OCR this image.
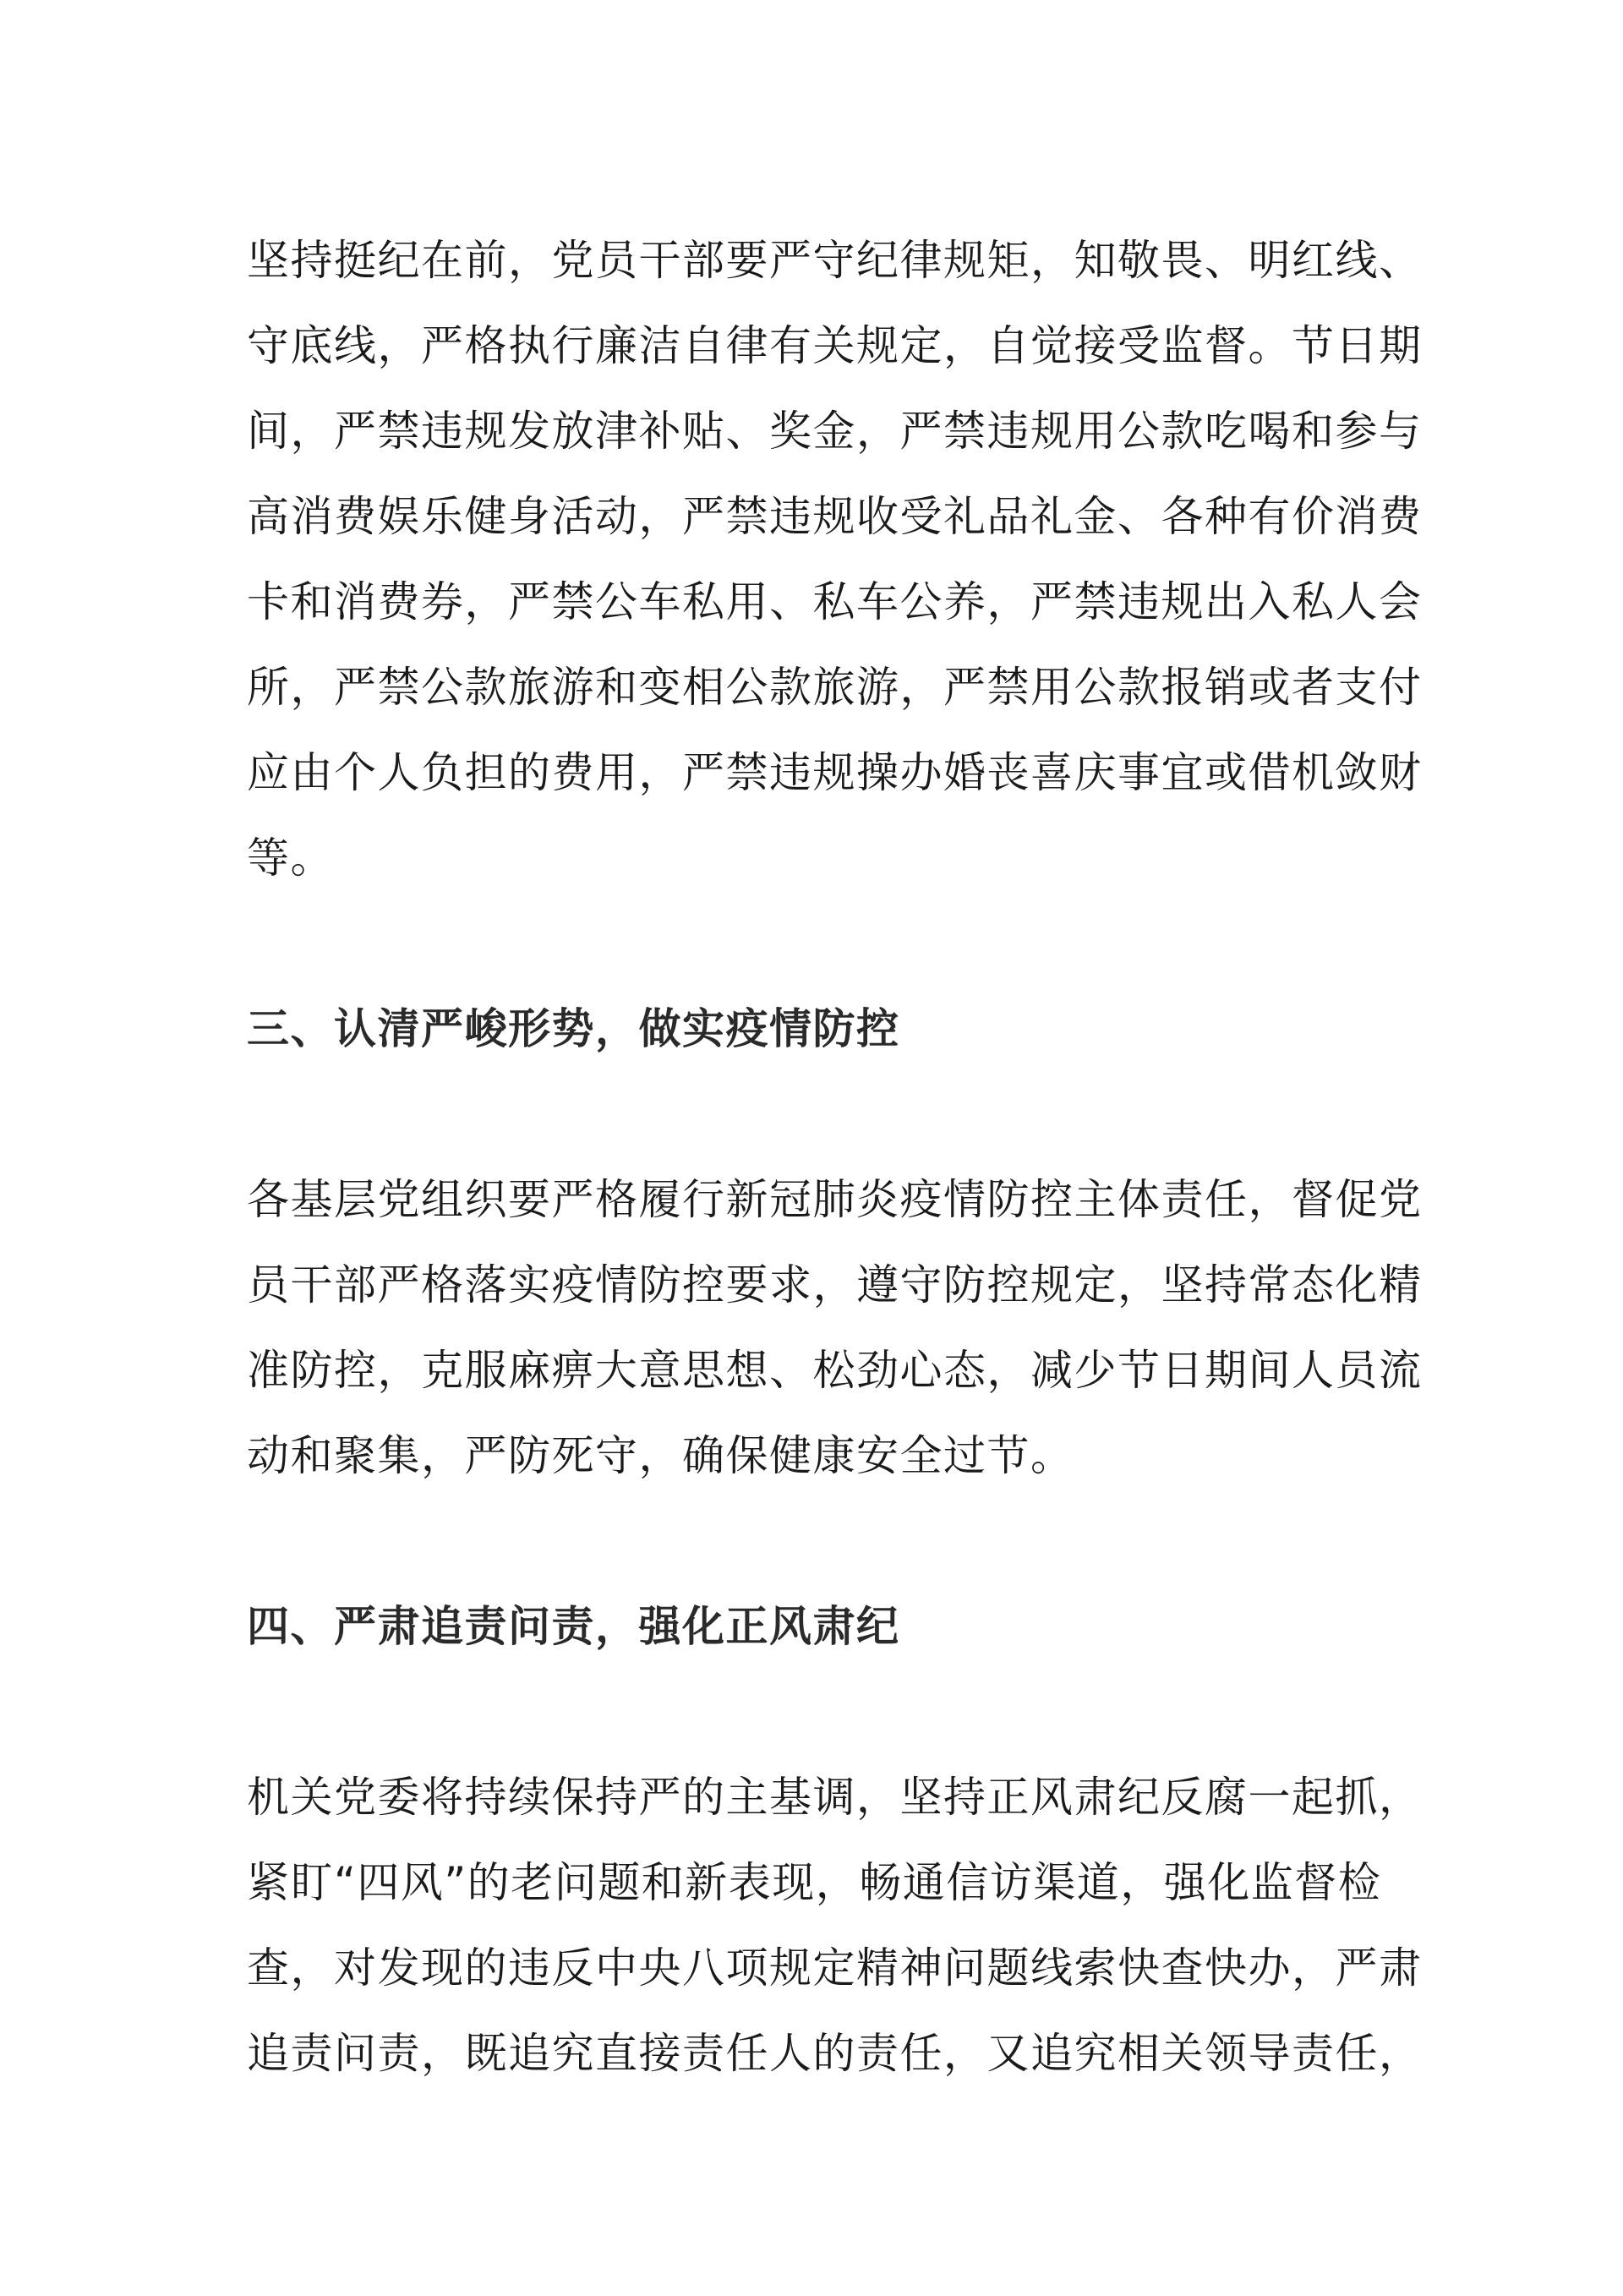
坚持挺纪在前，党员干部要严守纪律规矩，知敬畏、明红线、
守底线，严格执行廉洁自律有关规定，自觉接受监督。节日期
间，严禁违规发放津补贴、奖金，严禁违规用公款吃喝和参与
高消费娱乐健身活动，严禁违规收受礼品礼金、各种有价消费
卡和消费券，严禁公车私用、私车公养，严禁违规出入私人会
所，严禁公款旅游和变相公款旅游，严禁用公款报销或者支付
应由个人负担的费用，严禁违规操办婚丧喜庆事宜或借机敛财
等。

三、认清严峻形势，做实疫情防控

各基层党组织要严格履行新冠肺炎疫情防控主体责任，督促党
员干部严格落实疫情防控要求，遵守防控规定，坚持常态化精
准防控，克服麻痹大意思想、松劲心态，减少节日期间人员流
动和聚集，严防死守，确保健康安全过节。

四、严肃追责问责，强化正风肃纪

机关党委将持续保持严的主基调，坚持正风肃纪反腐一起抓，
紧盯“四风”的老问题和新表现，畅通信访渠道，强化监督检
查，对发现的违反中央八项规定精神问题线索快查快办，严肃
追责问责，既追究直接责任人的责任，又追究相关领导责任，
